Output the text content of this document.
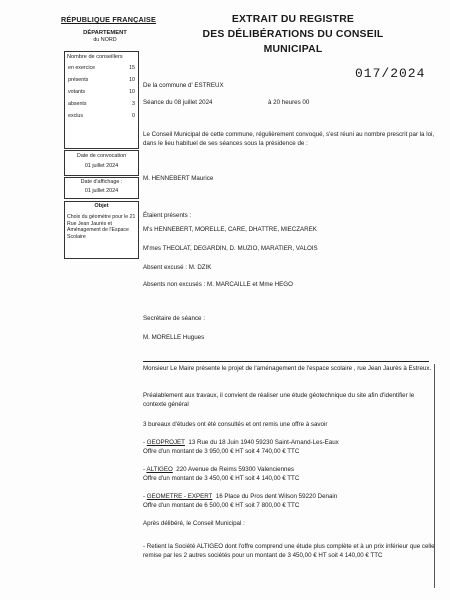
RÉPUBLIQUE FRANÇAISE
DÉPARTEMENT
du NORD
Nombre de conseillers
en exercice	15
présents	10
votants	10
absents	3
exclus	0
Date de convocation
01 juillet 2024
Date d'affichage :
01 juillet 2024
Objet
Choix du géomètre pour le 21 Rue Jean Jaurès et Aménagement de l'Espace Scolaire
EXTRAIT DU REGISTRE
DES DÉLIBÉRATIONS DU CONSEIL
MUNICIPAL
017/2024
De la commune d' ESTREUX
Séance du 08 juillet 2024	à 20 heures 00
Le Conseil Municipal de cette commune, régulièrement convoqué, s'est réuni au nombre prescrit par la loi, dans le lieu habituel de ses séances sous la présidence de :
M. HENNEBERT Maurice
Étaient présents :
M's HENNEBERT, MORELLE, CARE, DHATTRE, MIECZAREK
M'mes THEOLAT, DEGARDIN, D. MUZIO, MARATIER, VALOIS
Absent excusé : M. DZIK
Absents non excusés : M. MARCAILLE et Mme HEGO
Secrétaire de séance :
M. MORELLE Hugues
Monsieur Le Maire présente le projet de l'aménagement de l'espace scolaire , rue Jean Jaurès à Estreux.
Préalablement aux travaux, il convient de réaliser une étude géotechnique du site afin d'identifier le contexte général
3 bureaux d'études ont été consultés et ont remis une offre à savoir
- GEOPROJET 13 Rue du 18 Juin 1940 59230 Saint-Amand-Les-Eaux
Offre d'un montant de 3 950,00 € HT soit 4 740,00 € TTC
- ALTIGEO 220 Avenue de Reims 59300 Valenciennes
Offre d'un montant de 3 450,00 € HT soit 4 140,00 € TTC
- GEOMETRE - EXPERT 16 Place du Pros dent Wilson 59220 Denain
Offre d'un montant de 6 500,00 € HT soit 7 800,00 € TTC
Après délibéré, le Conseil Municipal :
- Retient la Société ALTIGEO dont l'offre comprend une étude plus complète et à un prix inférieur que celle remise par les 2 autres sociétés pour un montant de 3 450,00 € HT soit 4 140,00 € TTC
